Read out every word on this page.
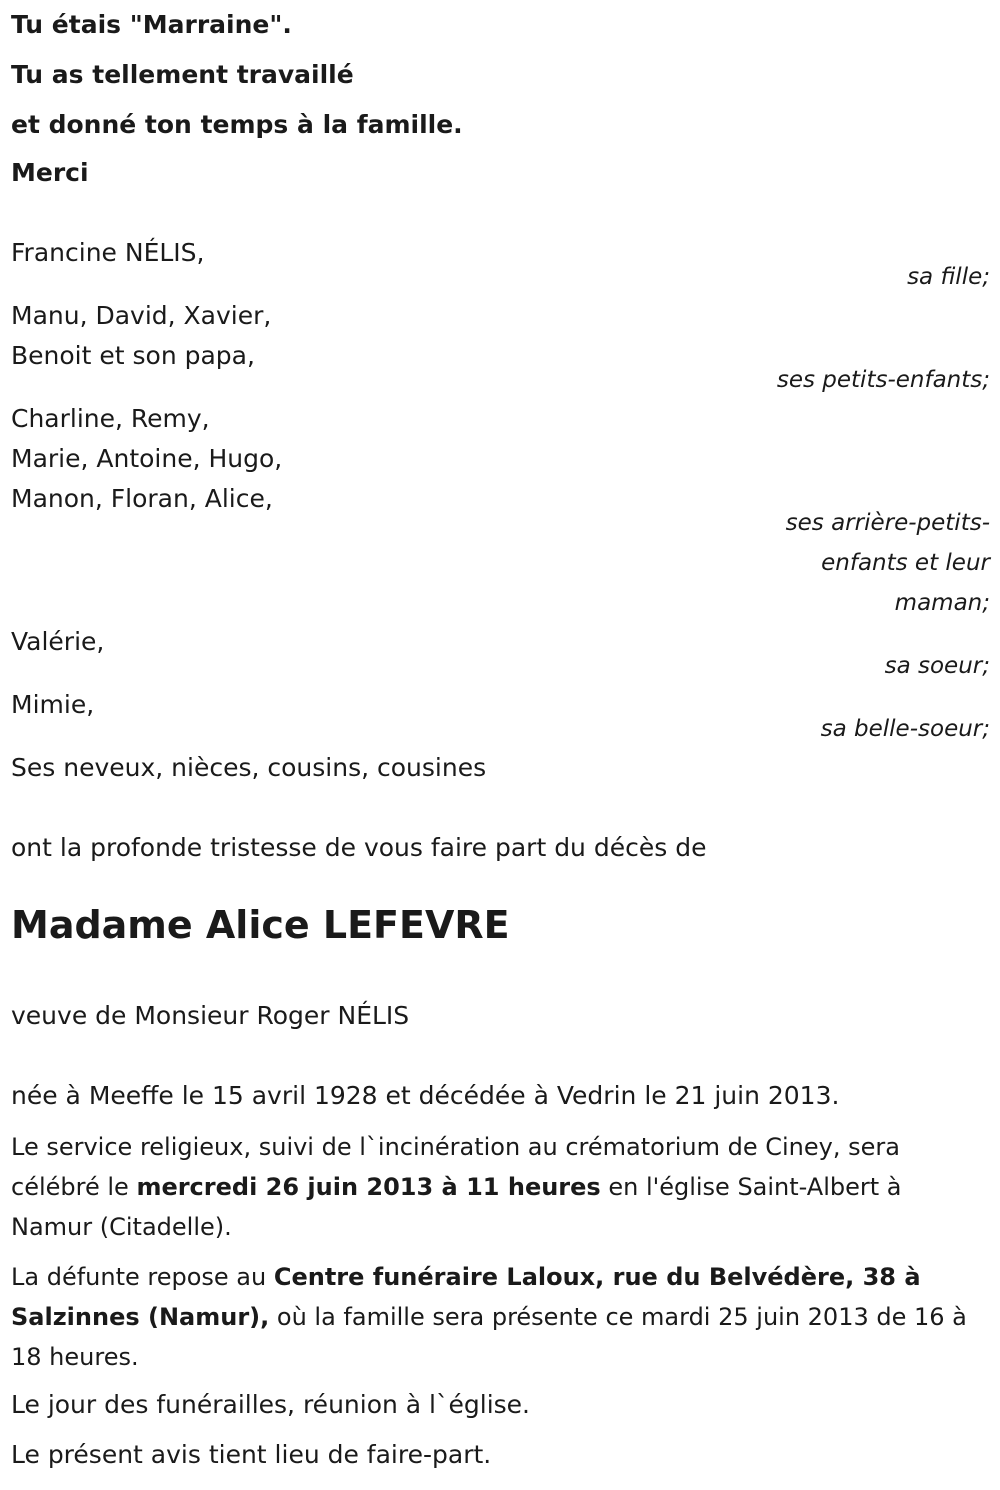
Tu étais "Marraine".
Tu as tellement travaillé
et donné ton temps à la famille.
Merci
Francine NÉLIS,
sa fille;
Manu, David, Xavier,
Benoit et son papa,
ses petits-enfants;
Charline, Remy,
Marie, Antoine, Hugo,
Manon, Floran, Alice,
ses arrière-petits-
enfants et leur
maman;
Valérie,
sa soeur;
Mimie,
sa belle-soeur;
Ses neveux, nièces, cousins, cousines
ont la profonde tristesse de vous faire part du décès de
Madame Alice LEFEVRE
veuve de Monsieur Roger NÉLIS
née à Meeffe le 15 avril 1928 et décédée à Vedrin le 21 juin 2013.

Le service religieux, suivi de l`incinération au crématorium de Ciney, sera célébré le mercredi 26 juin 2013 à 11 heures en l'église Saint-Albert à Namur (Citadelle).

La défunte repose au Centre funéraire Laloux, rue du Belvédère, 38 à Salzinnes (Namur), où la famille sera présente ce mardi 25 juin 2013 de 16 à 18 heures.

Le jour des funérailles, réunion à l`église.
Le présent avis tient lieu de faire-part.
